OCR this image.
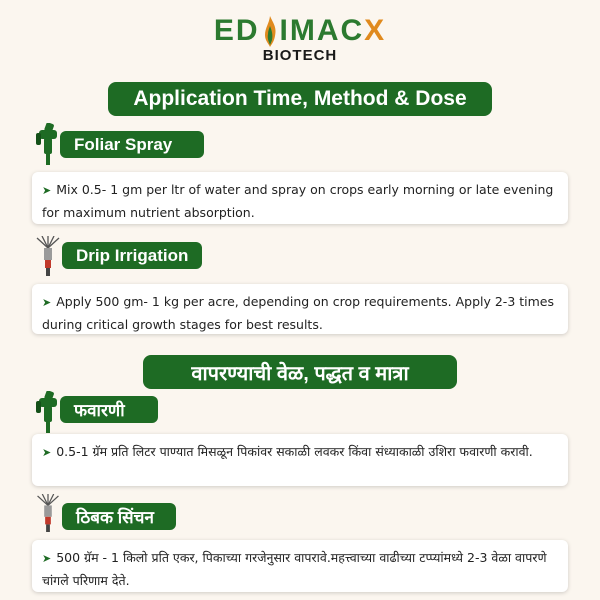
ED IMAC X
BIOTECH
Application Time, Method & Dose
Foliar Spray
➤ Mix 0.5- 1 gm per ltr of water and spray on crops early morning or late evening for maximum nutrient absorption.
Drip Irrigation
➤ Apply 500 gm- 1 kg per acre, depending on crop requirements. Apply 2-3 times during critical growth stages for best results.
वापरण्याची वेळ, पद्धत व मात्रा
फवारणी
➤ 0.5-1 ग्रॅम प्रति लिटर पाण्यात मिसळून पिकांवर सकाळी लवकर किंवा संध्याकाळी उशिरा फवारणी करावी.
ठिबक सिंचन
➤ 500 ग्रॅम - 1 किलो प्रति एकर, पिकाच्या गरजेनुसार वापरावे.महत्त्वाच्या वाढीच्या टप्प्यांमध्ये 2-3 वेळा वापरणे चांगले परिणाम देते.
